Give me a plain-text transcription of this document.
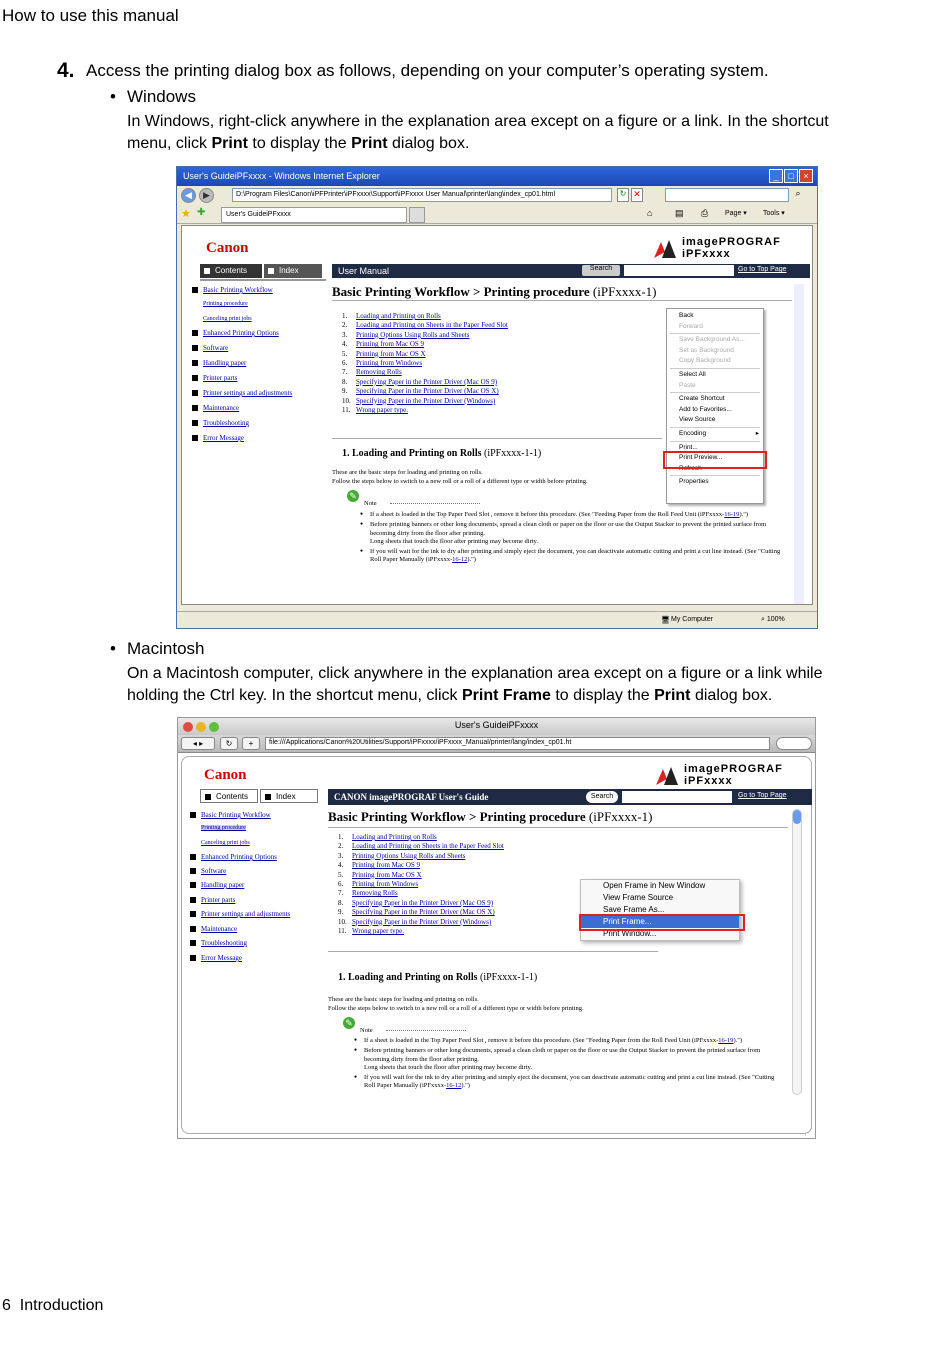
How to use this manual
4. Access the printing dialog box as follows, depending on your computer’s operating system.
• Windows
In Windows, right-click anywhere in the explanation area except on a figure or a link. In the shortcut
menu, click Print to display the Print dialog box.
User's GuideiPFxxxx - Windows Internet Explorer	_	□	×
◀	▶	D:\Program Files\Canon\iPFPrinter\iPFxxxx\Support\iPFxxxx User Manual\printer\lang\index_cp01.html	↻ ✕	⌕
★ ✚	User's GuideiPFxxxx	⌂	▤ ⎙ Page ▾ Tools ▾
Canon	imagePROGRAF
iPFxxxx
Contents	Index	User Manual	Search	Go to Top Page
Basic Printing Workflow
Printing procedure
Canceling print jobs
Enhanced Printing Options
Software
Handling paper
Printer parts
Printer settings and adjustments
Maintenance
Troubleshooting
Error Message
Basic Printing Workflow > Printing procedure (iPFxxxx-1)
1. Loading and Printing on Rolls
2. Loading and Printing on Sheets in the Paper Feed Slot
3. Printing Options Using Rolls and Sheets
4. Printing from Mac OS 9
5. Printing from Mac OS X
6. Printing from Windows
7. Removing Rolls
8. Specifying Paper in the Printer Driver (Mac OS 9)
9. Specifying Paper in the Printer Driver (Mac OS X)
10. Specifying Paper in the Printer Driver (Windows)
11. Wrong paper type.
1. Loading and Printing on Rolls (iPFxxxx-1-1)
These are the basic steps for loading and printing on rolls.
Follow the steps below to switch to a new roll or a roll of a different type or width before printing.
✎
Note
● If a sheet is loaded in the Top Paper Feed Slot , remove it before this procedure. (See "Feeding Paper from the Roll Feed Unit (iPFxxxx-16-19).")
● Before printing banners or other long documents, spread a clean cloth or paper on the floor or use the Output Stacker to prevent the printed surface from becoming dirty from the floor after printing.
Long sheets that touch the floor after printing may become dirty.
● If you will wait for the ink to dry after printing and simply eject the document, you can deactivate automatic cutting and print a cut line instead. (See "Cutting Roll Paper Manually (iPFxxxx-16-12).")
Back
Forward
Save Background As...
Set as Background
Copy Background
Select All
Paste
Create Shortcut
Add to Favorites...
View Source
Encoding	▸
Print...
Print Preview...
Refresh
Properties
🖥 My Computer	⌕ 100%
• Macintosh
On a Macintosh computer, click anywhere in the explanation area except on a figure or a link while
holding the Ctrl key. In the shortcut menu, click Print Frame to display the Print dialog box.
User's GuideiPFxxxx
◂ ▸	↻	+	file:///Applications/Canon%20Utilities/Support/iPFxxxx/iPFxxxx_Manual/printer/lang/index_cp01.ht
Canon	imagePROGRAF
iPFxxxx
Contents	Index	CANON imagePROGRAF User's Guide	Search	Go to Top Page
Basic Printing Workflow
Printing procedure
Canceling print jobs
Enhanced Printing Options
Software
Handling paper
Printer parts
Printer settings and adjustments
Maintenance
Troubleshooting
Error Message
Basic Printing Workflow > Printing procedure (iPFxxxx-1)
1. Loading and Printing on Rolls
2. Loading and Printing on Sheets in the Paper Feed Slot
3. Printing Options Using Rolls and Sheets
4. Printing from Mac OS 9
5. Printing from Mac OS X
6. Printing from Windows
7. Removing Rolls
8. Specifying Paper in the Printer Driver (Mac OS 9)
9. Specifying Paper in the Printer Driver (Mac OS X)
10. Specifying Paper in the Printer Driver (Windows)
11. Wrong paper type.
1. Loading and Printing on Rolls (iPFxxxx-1-1)
These are the basic steps for loading and printing on rolls.
Follow the steps below to switch to a new roll or a roll of a different type or width before printing.
✎
Note
● If a sheet is loaded in the Top Paper Feed Slot , remove it before this procedure. (See "Feeding Paper from the Roll Feed Unit (iPFxxxx-16-19).")
● Before printing banners or other long documents, spread a clean cloth or paper on the floor or use the Output Stacker to prevent the printed surface from becoming dirty from the floor after printing.
Long sheets that touch the floor after printing may become dirty.
● If you will wait for the ink to dry after printing and simply eject the document, you can deactivate automatic cutting and print a cut line instead. (See "Cutting Roll Paper Manually (iPFxxxx-16-12).")
Open Frame in New Window
View Frame Source
Save Frame As...
Print Frame...
Print Window...
⋰
6 Introduction
